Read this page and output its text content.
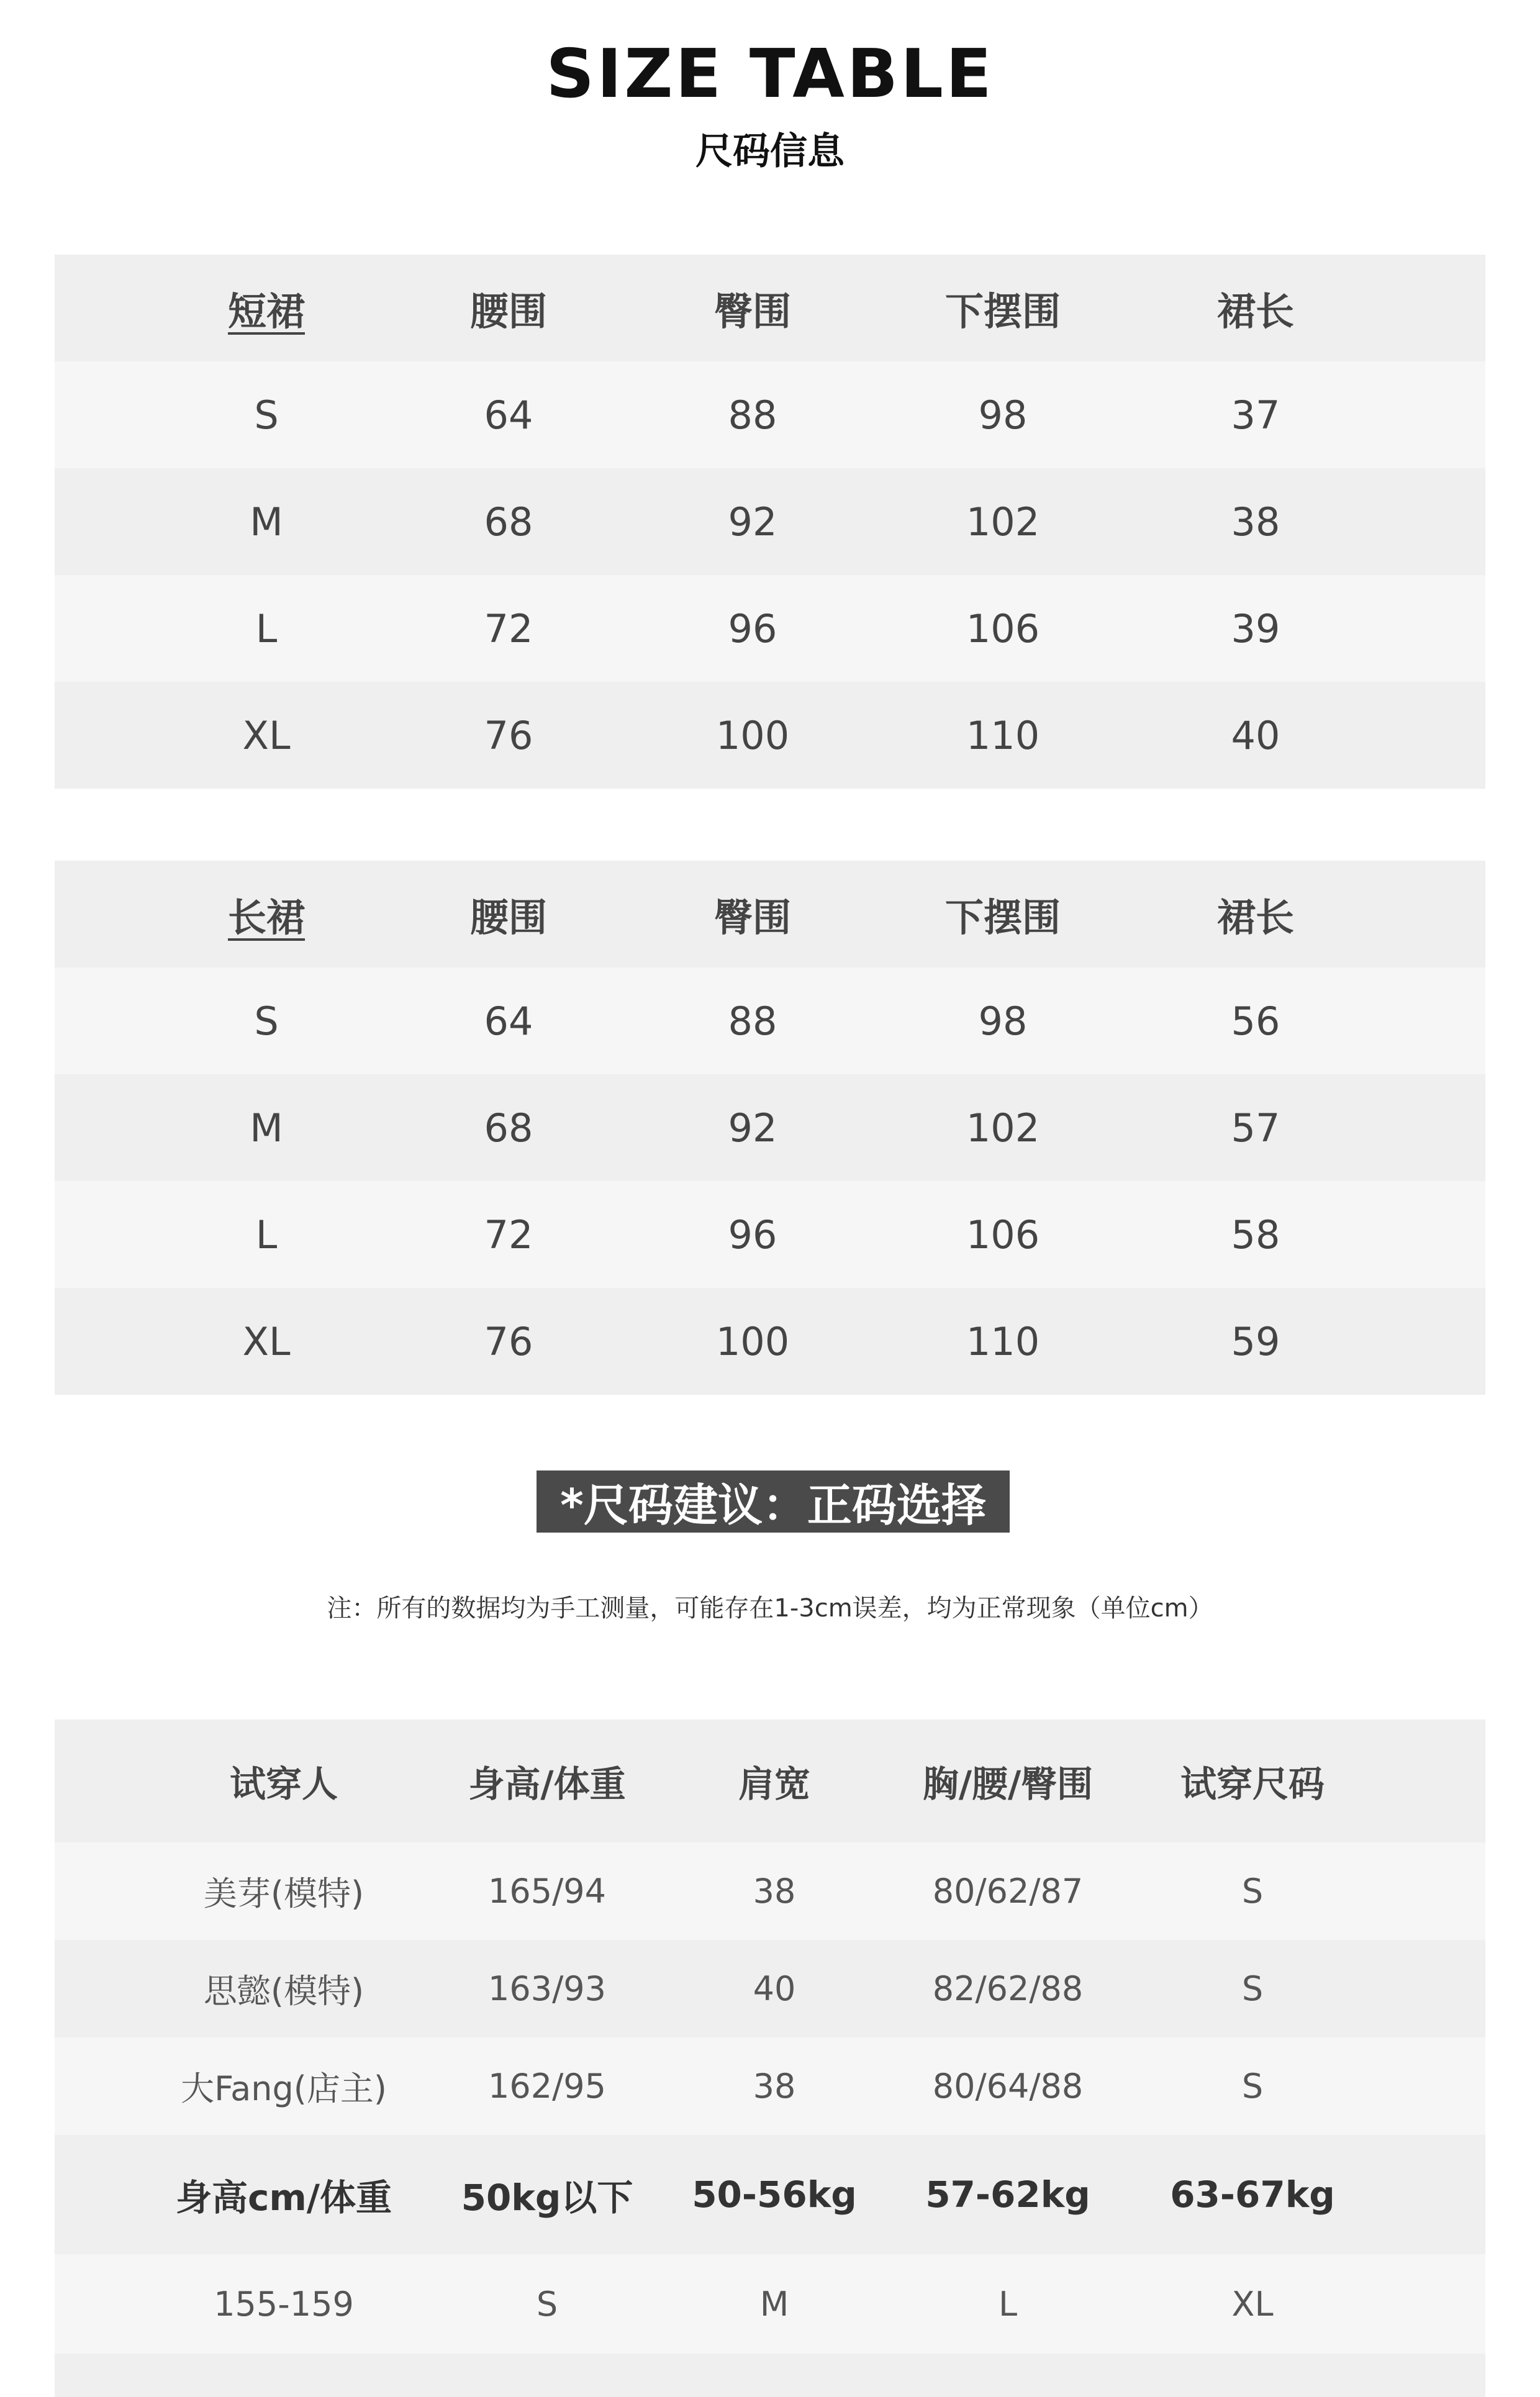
SIZE TABLE
尺码信息
短裙	腰围	臀围	下摆围	裙长
S	64	88	98	37
M	68	92	102	38
L	72	96	106	39
XL	76	100	110	40
长裙	腰围	臀围	下摆围	裙长
S	64	88	98	56
M	68	92	102	57
L	72	96	106	58
XL	76	100	110	59
*尺码建议：正码选择
注：所有的数据均为手工测量，可能存在1-3cm误差，均为正常现象（单位cm）
试穿人	身高/体重	肩宽	胸/腰/臀围	试穿尺码
美芽(模特)	165/94	38	80/62/87	S
思懿(模特)	163/93	40	82/62/88	S
大Fang(店主)	162/95	38	80/64/88	S
身高cm/体重	50kg以下	50-56kg	57-62kg	63-67kg
155-159	S	M	L	XL
